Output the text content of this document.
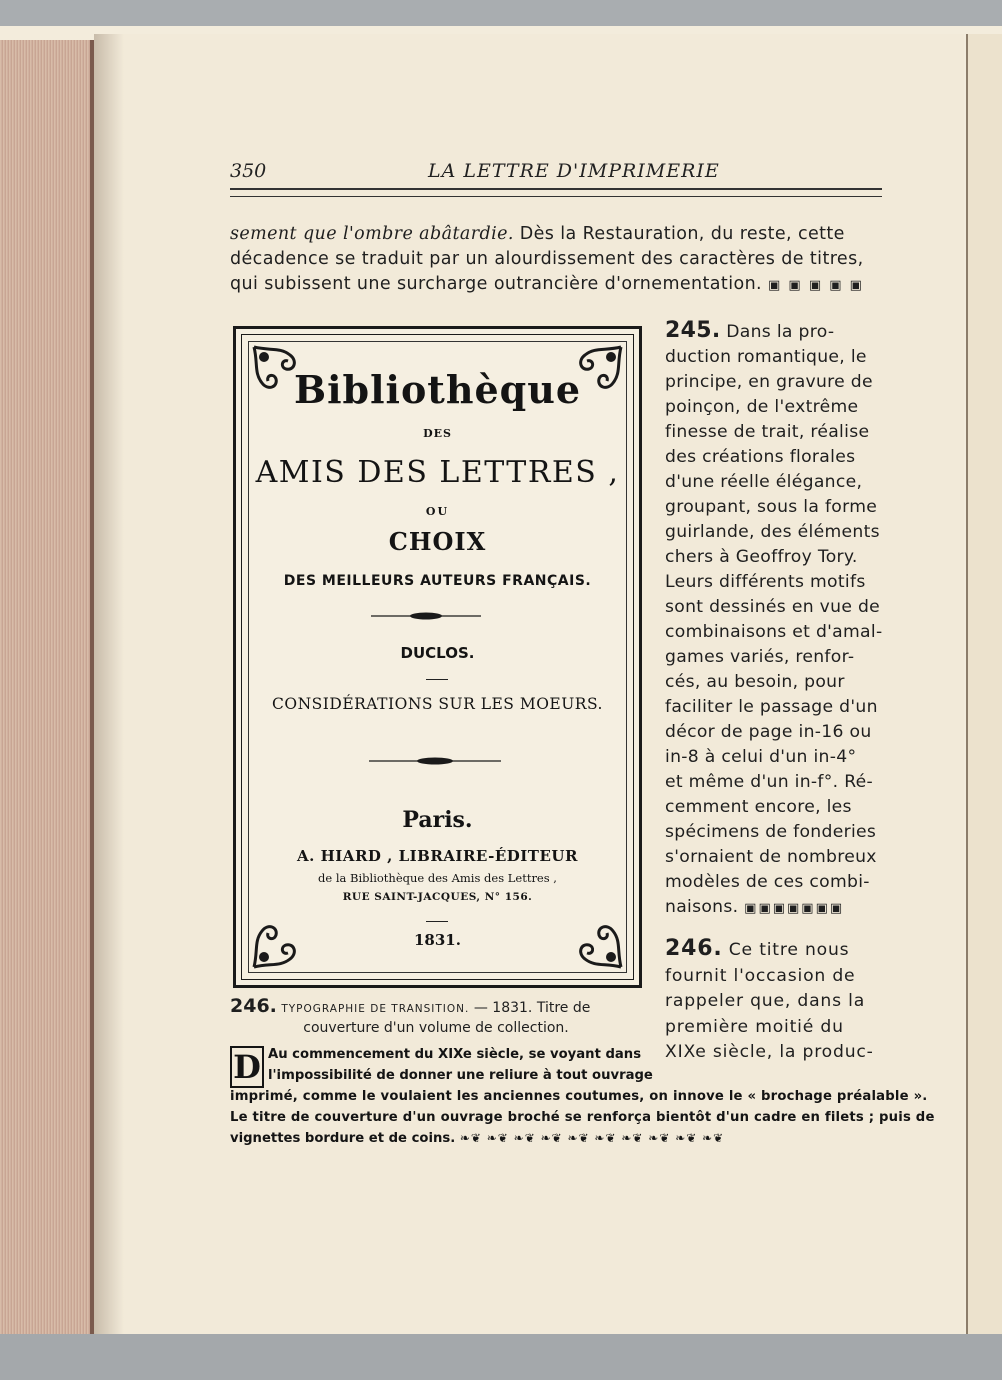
350	LA LETTRE D'IMPRIMERIE
sement que l'ombre abâtardie. Dès la Restauration, du reste, cette
décadence se traduit par un alourdissement des caractères de titres,
qui subissent une surcharge outrancière d'ornementation. ▣ ▣ ▣ ▣ ▣
Bibliothèque
DES
AMIS DES LETTRES ,
OU
CHOIX
DES MEILLEURS AUTEURS FRANÇAIS.
DUCLOS.
CONSIDÉRATIONS SUR LES MOEURS.
Paris.
A. HIARD , LIBRAIRE-ÉDITEUR
de la Bibliothèque des Amis des Lettres ,
RUE SAINT-JACQUES, N° 156.
1831.

245. Dans la pro-

duction romantique, le

principe, en gravure de

poinçon, de l'extrême

finesse de trait, réalise

des créations florales

d'une réelle élégance,

groupant, sous la forme

guirlande, des éléments

chers à Geoffroy Tory.

Leurs différents motifs

sont dessinés en vue de

combinaisons et d'amal-

games variés, renfor-

cés, au besoin, pour

faciliter le passage d'un

décor de page in-16 ou

in-8 à celui d'un in-4°

et même d'un in-f°. Ré-

cemment encore, les

spécimens de fonderies

s'ornaient de nombreux

modèles de ces combi-

naisons. ▣▣▣▣▣▣▣

246. Ce titre nous

fournit l'occasion de

rappeler que, dans la

première moitié du

XIXe siècle, la produc-

246. TYPOGRAPHIE DE TRANSITION. — 1831. Titre de
couverture d'un volume de collection.
D Au commencement du XIXe siècle, se voyant dans
l'impossibilité de donner une reliure à tout ouvrage
imprimé, comme le voulaient les anciennes coutumes, on innove le « brochage préalable ».
Le titre de couverture d'un ouvrage broché se renforça bientôt d'un cadre en filets ; puis de
vignettes bordure et de coins. ❧❦ ❧❦ ❧❦ ❧❦ ❧❦ ❧❦ ❧❦ ❧❦ ❧❦ ❧❦
